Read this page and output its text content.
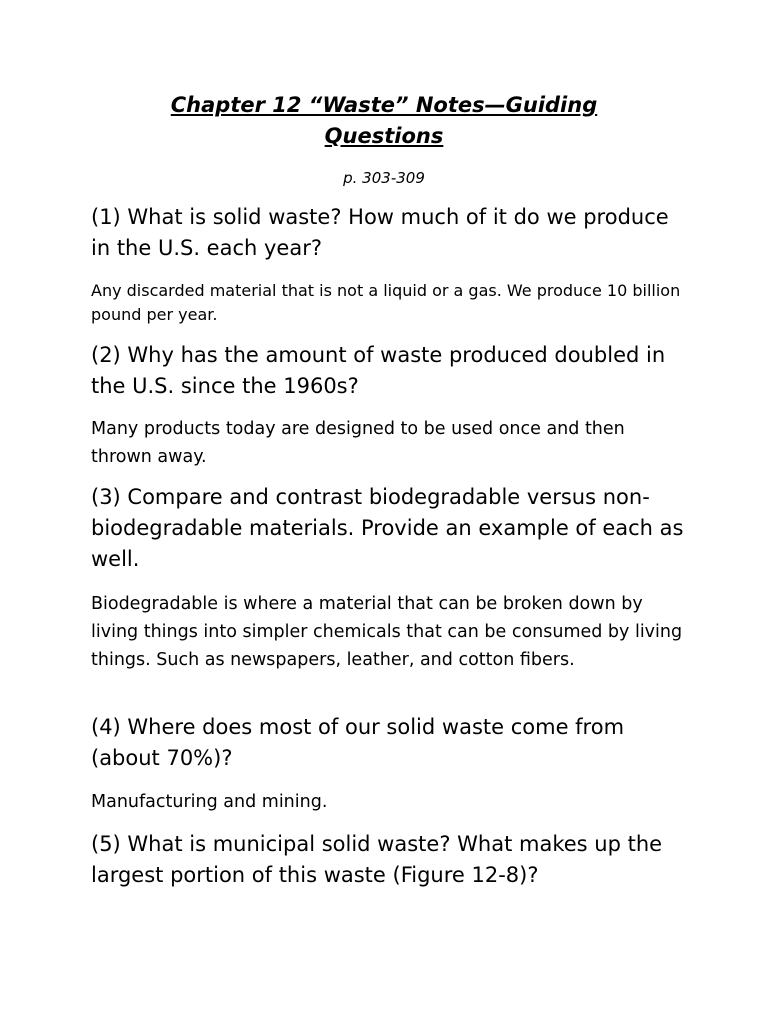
Chapter 12 “Waste” Notes—Guiding
Questions
p. 303-309

(1) What is solid waste? How much of it do we produce in the U.S. each year?

Any discarded material that is not a liquid or a gas. We produce 10 billion pound per year.

(2) Why has the amount of waste produced doubled in the U.S. since the 1960s?

Many products today are designed to be used once and then thrown away.

(3) Compare and contrast biodegradable versus non-biodegradable materials. Provide an example of each as well.

Biodegradable is where a material that can be broken down by living things into simpler chemicals that can be consumed by living things. Such as newspapers, leather, and cotton fibers.

(4) Where does most of our solid waste come from (about 70%)?

Manufacturing and mining.

(5) What is municipal solid waste? What makes up the largest portion of this waste (Figure 12-8)?
